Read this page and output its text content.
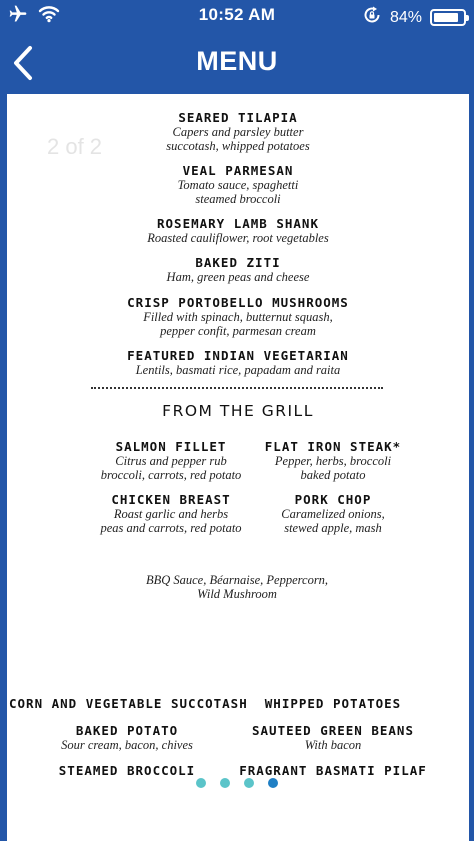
10:52 AM	84%
MENU
2 of 2
SEARED TILAPIA
Capers and parsley butter
succotash, whipped potatoes
VEAL PARMESAN
Tomato sauce, spaghetti
steamed broccoli
ROSEMARY LAMB SHANK
Roasted cauliflower, root vegetables
BAKED ZITI
Ham, green peas and cheese
CRISP PORTOBELLO MUSHROOMS
Filled with spinach, butternut squash,
pepper confit, parmesan cream
FEATURED INDIAN VEGETARIAN
Lentils, basmati rice, papadam and raita
FROM THE GRILL
SALMON FILLET
Citrus and pepper rub
broccoli, carrots, red potato
FLAT IRON STEAK*
Pepper, herbs, broccoli
baked potato
CHICKEN BREAST
Roast garlic and herbs
peas and carrots, red potato
PORK CHOP
Caramelized onions,
stewed apple, mash
BBQ Sauce, Béarnaise, Peppercorn,
Wild Mushroom
CORN AND VEGETABLE SUCCOTASH	WHIPPED POTATOES
BAKED POTATO
Sour cream, bacon, chives
SAUTEED GREEN BEANS
With bacon
STEAMED BROCCOLI	FRAGRANT BASMATI PILAF
